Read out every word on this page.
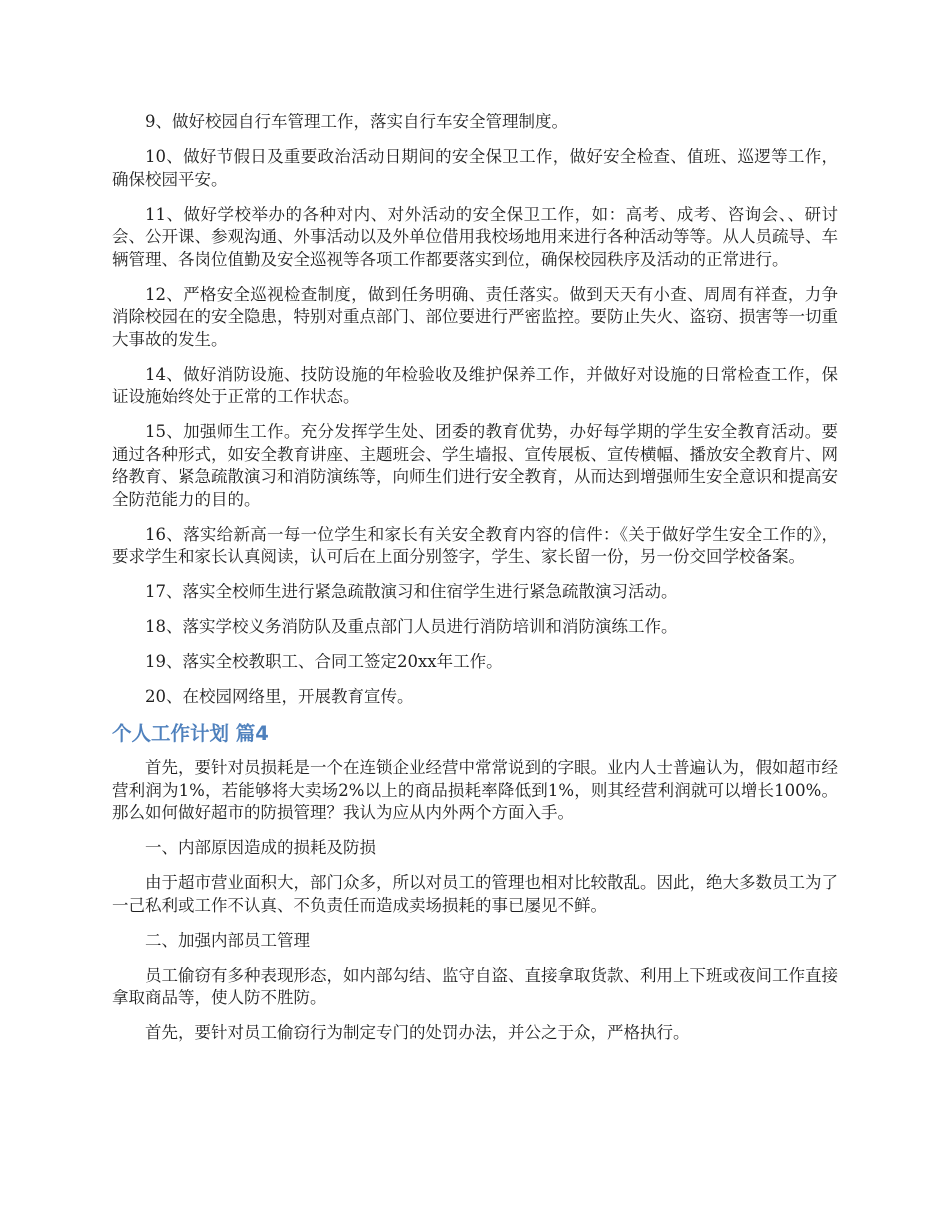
9、做好校园自行车管理工作，落实自行车安全管理制度。

10、做好节假日及重要政治活动日期间的安全保卫工作，做好安全检查、值班、巡逻等工作，确保校园平安。

11、做好学校举办的各种对内、对外活动的安全保卫工作，如：高考、成考、咨询会、、研讨会、公开课、参观沟通、外事活动以及外单位借用我校场地用来进行各种活动等等。从人员疏导、车辆管理、各岗位值勤及安全巡视等各项工作都要落实到位，确保校园秩序及活动的正常进行。

12、严格安全巡视检查制度，做到任务明确、责任落实。做到天天有小查、周周有祥查，力争消除校园在的安全隐患，特别对重点部门、部位要进行严密监控。要防止失火、盗窃、损害等一切重大事故的发生。

14、做好消防设施、技防设施的年检验收及维护保养工作，并做好对设施的日常检查工作，保证设施始终处于正常的工作状态。

15、加强师生工作。充分发挥学生处、团委的教育优势，办好每学期的学生安全教育活动。要通过各种形式，如安全教育讲座、主题班会、学生墙报、宣传展板、宣传横幅、播放安全教育片、网络教育、紧急疏散演习和消防演练等，向师生们进行安全教育，从而达到增强师生安全意识和提高安全防范能力的目的。

16、落实给新高一每一位学生和家长有关安全教育内容的信件：《关于做好学生安全工作的》，要求学生和家长认真阅读，认可后在上面分别签字，学生、家长留一份，另一份交回学校备案。

17、落实全校师生进行紧急疏散演习和住宿学生进行紧急疏散演习活动。

18、落实学校义务消防队及重点部门人员进行消防培训和消防演练工作。

19、落实全校教职工、合同工签定20xx年工作。

20、在校园网络里，开展教育宣传。

个人工作计划 篇4

首先，要针对员损耗是一个在连锁企业经营中常常说到的字眼。业内人士普遍认为，假如超市经营利润为1%，若能够将大卖场2%以上的商品损耗率降低到1%，则其经营利润就可以增长100%。那么如何做好超市的防损管理？我认为应从内外两个方面入手。

一、内部原因造成的损耗及防损

由于超市营业面积大，部门众多，所以对员工的管理也相对比较散乱。因此，绝大多数员工为了一己私利或工作不认真、不负责任而造成卖场损耗的事已屡见不鲜。

二、加强内部员工管理

员工偷窃有多种表现形态，如内部勾结、监守自盗、直接拿取货款、利用上下班或夜间工作直接拿取商品等，使人防不胜防。

首先，要针对员工偷窃行为制定专门的处罚办法，并公之于众，严格执行。
